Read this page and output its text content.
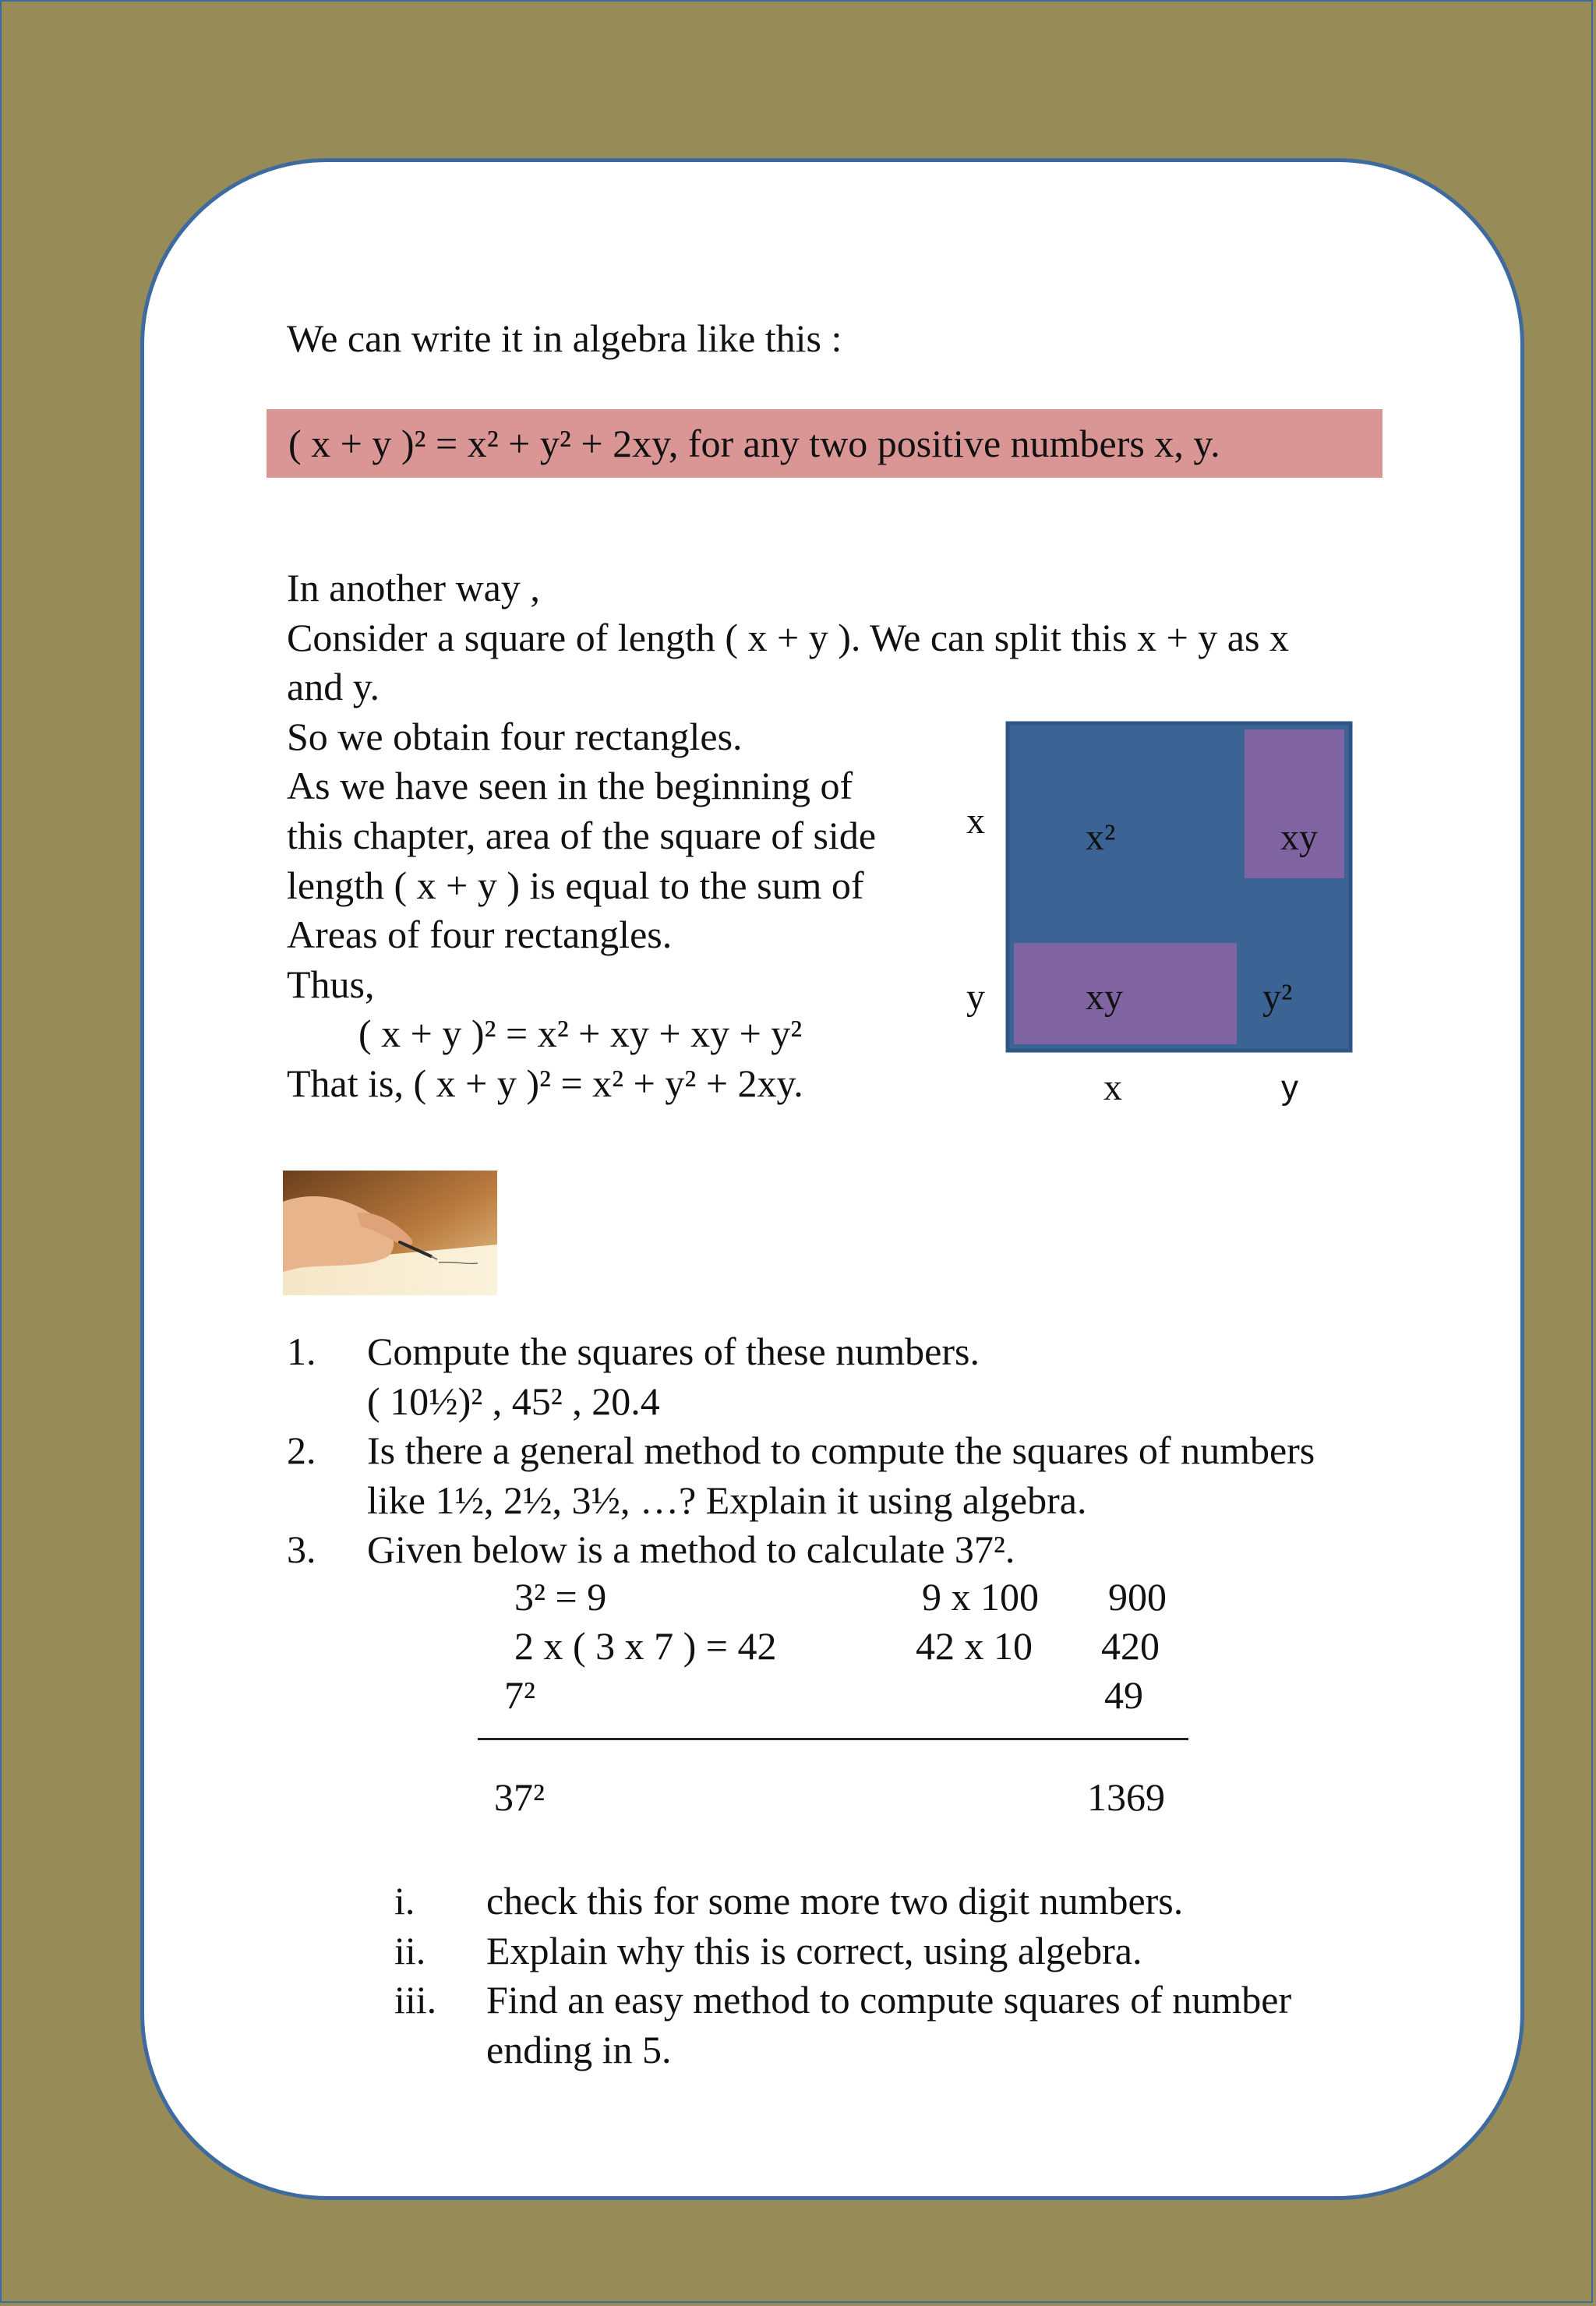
We can write it in algebra like this :
( x + y )² = x² + y² + 2xy, for any two positive numbers x, y.
In another way ,
Consider a square of length ( x + y ). We can split this x + y as x
and y.
So we obtain four rectangles.
As we have seen in the beginning of
this chapter, area of the square of side
length ( x + y ) is equal to the sum of
Areas of four rectangles.
Thus,
( x + y )² = x² + xy + xy + y²
That is, ( x + y )² = x² + y² + 2xy.
x²	xy
xy	y²
x
y
x	y
1. Compute the squares of these numbers.
( 10½)² , 45² , 20.4
2. Is there a general method to compute the squares of numbers
like 1½, 2½, 3½, …? Explain it using algebra.
3. Given below is a method to calculate 37².
3² = 9	9 x 100 900
2 x ( 3 x 7 ) = 42	42 x 10 420
7²	49
37²	1369
i. check this for some more two digit numbers.
ii. Explain why this is correct, using algebra.
iii. Find an easy method to compute squares of number
ending in 5.
